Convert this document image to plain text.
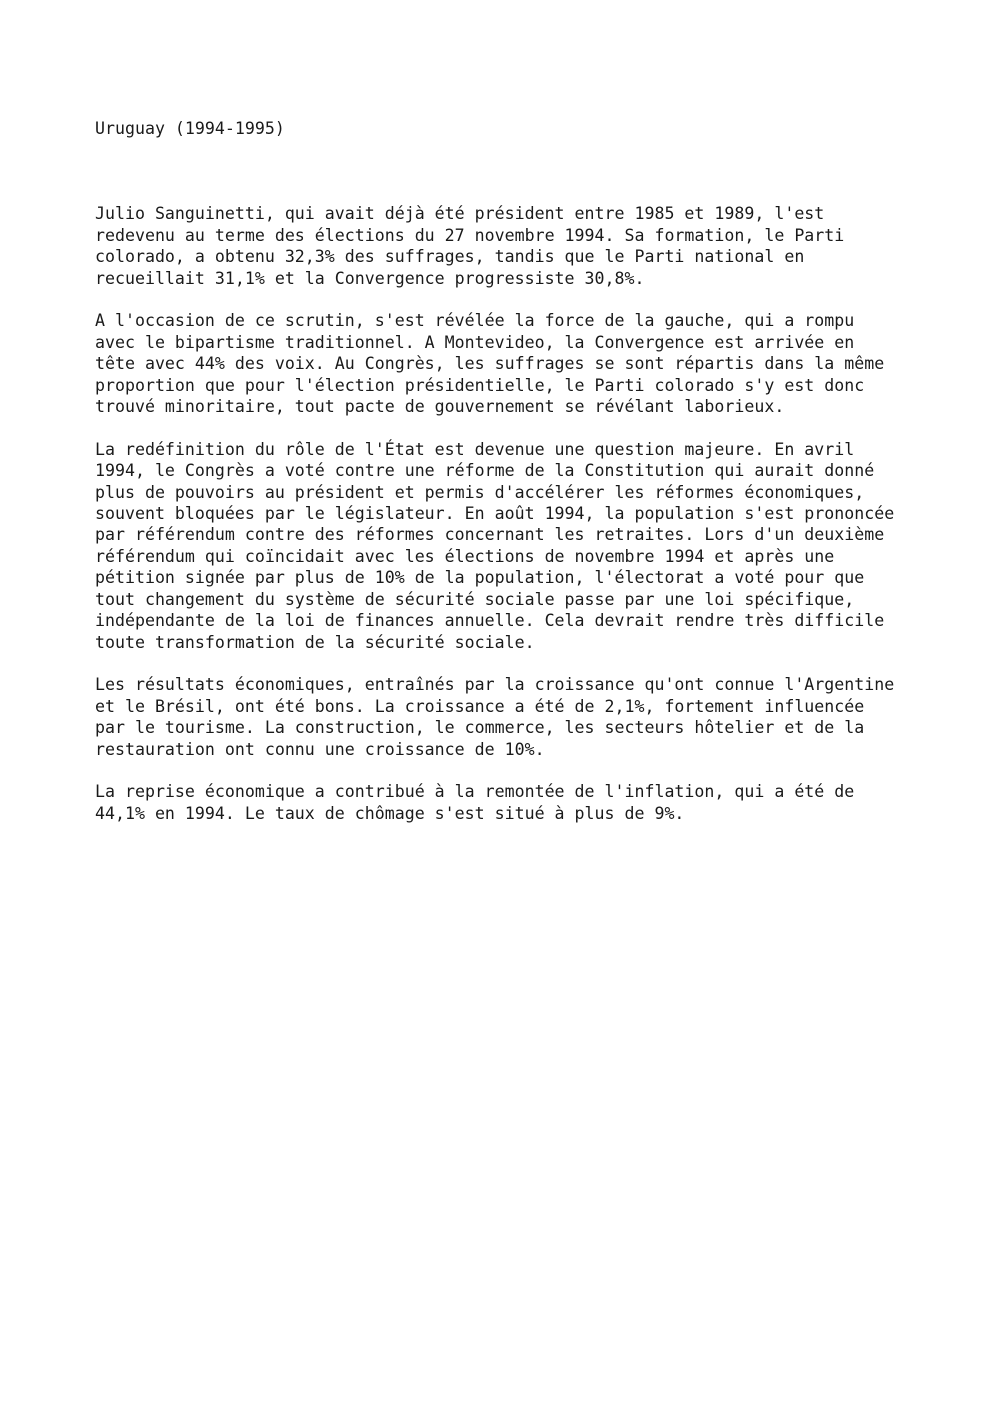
Uruguay (1994-1995)

Julio Sanguinetti, qui avait déjà été président entre 1985 et 1989, l'est
redevenu au terme des élections du 27 novembre 1994. Sa formation, le Parti
colorado, a obtenu 32,3% des suffrages, tandis que le Parti national en
recueillait 31,1% et la Convergence progressiste 30,8%.

A l'occasion de ce scrutin, s'est révélée la force de la gauche, qui a rompu
avec le bipartisme traditionnel. A Montevideo, la Convergence est arrivée en
tête avec 44% des voix. Au Congrès, les suffrages se sont répartis dans la même
proportion que pour l'élection présidentielle, le Parti colorado s'y est donc
trouvé minoritaire, tout pacte de gouvernement se révélant laborieux.

La redéfinition du rôle de l'État est devenue une question majeure. En avril
1994, le Congrès a voté contre une réforme de la Constitution qui aurait donné
plus de pouvoirs au président et permis d'accélérer les réformes économiques,
souvent bloquées par le législateur. En août 1994, la population s'est prononcée
par référendum contre des réformes concernant les retraites. Lors d'un deuxième
référendum qui coïncidait avec les élections de novembre 1994 et après une
pétition signée par plus de 10% de la population, l'électorat a voté pour que
tout changement du système de sécurité sociale passe par une loi spécifique,
indépendante de la loi de finances annuelle. Cela devrait rendre très difficile
toute transformation de la sécurité sociale.

Les résultats économiques, entraînés par la croissance qu'ont connue l'Argentine
et le Brésil, ont été bons. La croissance a été de 2,1%, fortement influencée
par le tourisme. La construction, le commerce, les secteurs hôtelier et de la
restauration ont connu une croissance de 10%.

La reprise économique a contribué à la remontée de l'inflation, qui a été de
44,1% en 1994. Le taux de chômage s'est situé à plus de 9%.
